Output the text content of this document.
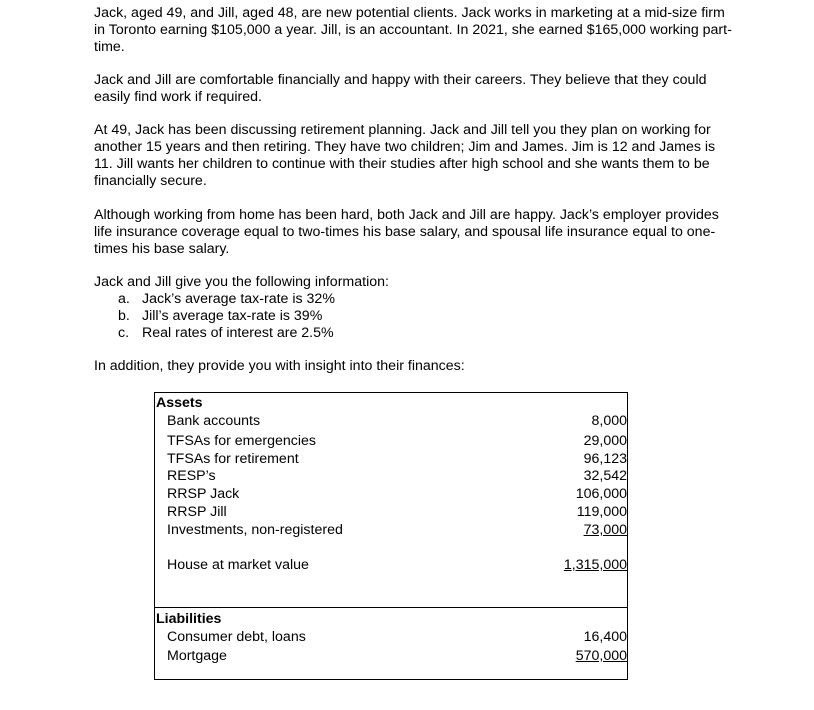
Jack, aged 49, and Jill, aged 48, are new potential clients. Jack works in marketing at a mid-size firm in Toronto earning $105,000 a year. Jill, is an accountant. In 2021, she earned $165,000 working part-time.

Jack and Jill are comfortable financially and happy with their careers. They believe that they could easily find work if required.

At 49, Jack has been discussing retirement planning. Jack and Jill tell you they plan on working for another 15 years and then retiring. They have two children; Jim and James. Jim is 12 and James is 11. Jill wants her children to continue with their studies after high school and she wants them to be financially secure.

Although working from home has been hard, both Jack and Jill are happy. Jack’s employer provides life insurance coverage equal to two-times his base salary, and spousal life insurance equal to one-times his base salary.

Jack and Jill give you the following information:

a. Jack’s average tax-rate is 32%
b. Jill’s average tax-rate is 39%
c. Real rates of interest are 2.5%

In addition, they provide you with insight into their finances:

Assets
Bank accounts	8,000
TFSAs for emergencies	29,000
TFSAs for retirement	96,123
RESP’s	32,542
RRSP Jack	106,000
RRSP Jill	119,000
Investments, non-registered	73,000
House at market value	1,315,000
Liabilities
Consumer debt, loans	16,400
Mortgage	570,000
